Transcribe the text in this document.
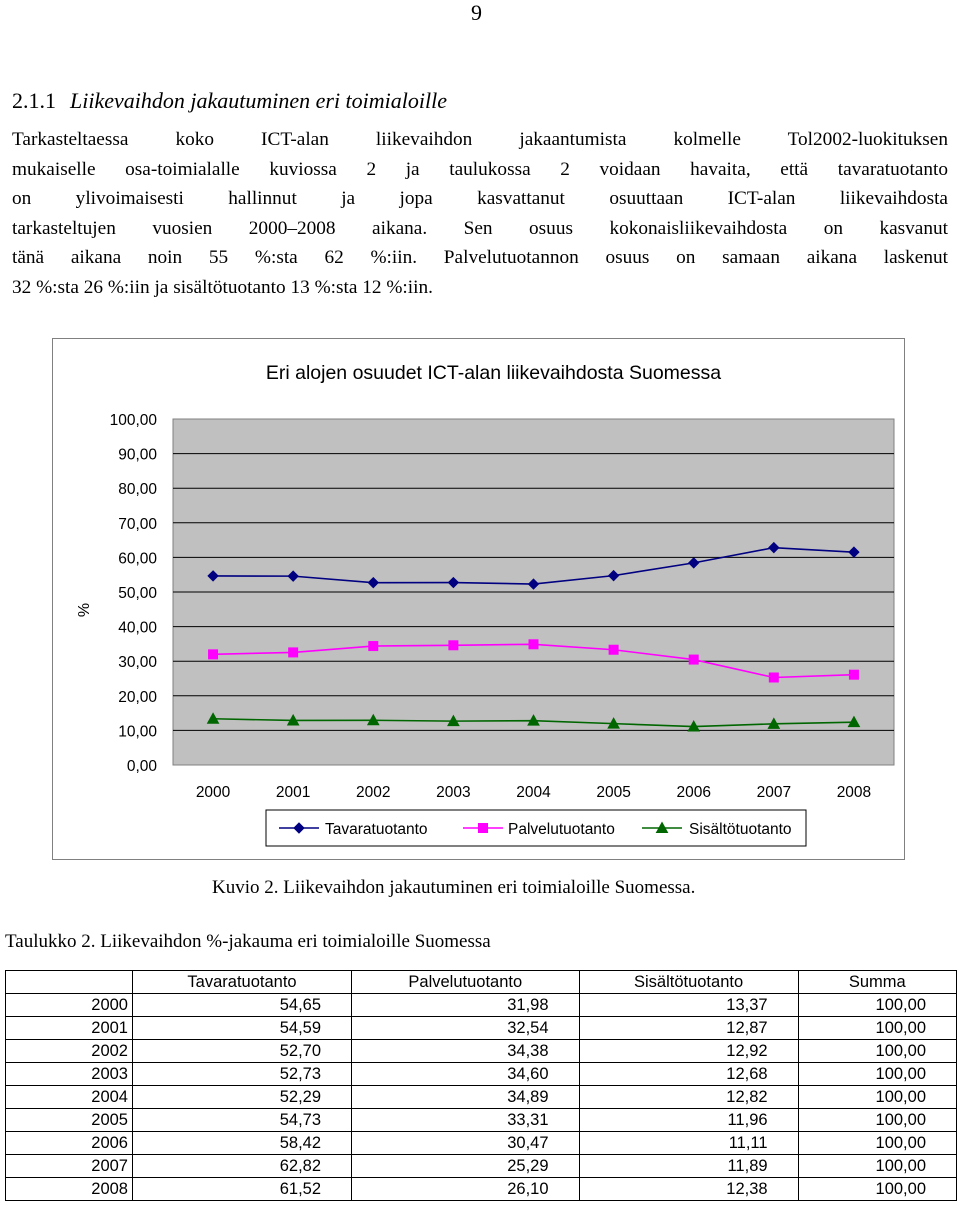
9
2.1.1 Liikevaihdon jakautuminen eri toimialoille
Tarkasteltaessa koko ICT-alan liikevaihdon jakaantumista kolmelle Tol2002-luokituksen
mukaiselle osa-toimialalle kuviossa 2 ja taulukossa 2 voidaan havaita, että tavaratuotanto
on ylivoimaisesti hallinnut ja jopa kasvattanut osuuttaan ICT-alan liikevaihdosta
tarkasteltujen vuosien 2000–2008 aikana. Sen osuus kokonaisliikevaihdosta on kasvanut
tänä aikana noin 55 %:sta 62 %:iin. Palvelutuotannon osuus on samaan aikana laskenut
32 %:sta 26 %:iin ja sisältötuotanto 13 %:sta 12 %:iin.
Eri alojen osuudet ICT-alan liikevaihdosta Suomessa
0,00
10,00
20,00
30,00
40,00
50,00
60,00
70,00
80,00
90,00
100,00
%
2000	2001	2002	2003	2004	2005	2006	2007	2008
Tavaratuotanto	Palvelutuotanto	Sisältötuotanto
Kuvio 2. Liikevaihdon jakautuminen eri toimialoille Suomessa.
Taulukko 2. Liikevaihdon %-jakauma eri toimialoille Suomessa
	Tavaratuotanto	Palvelutuotanto	Sisältötuotanto	Summa
2000	54,65	31,98	13,37	100,00
2001	54,59	32,54	12,87	100,00
2002	52,70	34,38	12,92	100,00
2003	52,73	34,60	12,68	100,00
2004	52,29	34,89	12,82	100,00
2005	54,73	33,31	11,96	100,00
2006	58,42	30,47	11,11	100,00
2007	62,82	25,29	11,89	100,00
2008	61,52	26,10	12,38	100,00
